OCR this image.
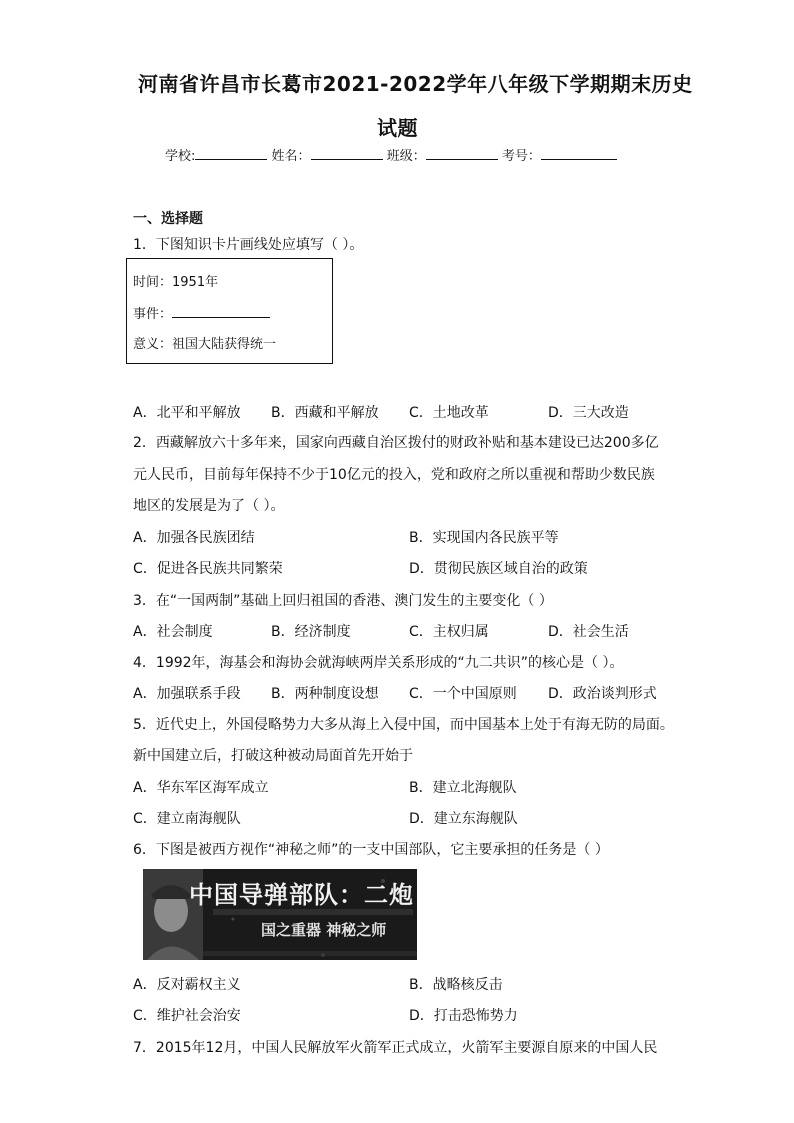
河南省许昌市长葛市2021-2022学年八年级下学期期末历史
试题
学校:	姓名：	班级：	考号：
一、选择题
1．下图知识卡片画线处应填写（ ）。
时间：1951年
事件：
意义：祖国大陆获得统一
A．北平和平解放 B．西藏和平解放 C．土地改革	D．三大改造
2．西藏解放六十多年来，国家向西藏自治区拨付的财政补贴和基本建设已达200多亿
元人民币，目前每年保持不少于10亿元的投入，党和政府之所以重视和帮助少数民族
地区的发展是为了（ ）。
A．加强各民族团结	B．实现国内各民族平等
C．促进各民族共同繁荣	D．贯彻民族区域自治的政策
3．在“一国两制”基础上回归祖国的香港、澳门发生的主要变化（ ）
A．社会制度	B．经济制度	C．主权归属	D．社会生活
4．1992年，海基会和海协会就海峡两岸关系形成的“九二共识”的核心是（ ）。
A．加强联系手段 B．两种制度设想 C．一个中国原则 D．政治谈判形式
5．近代史上，外国侵略势力大多从海上入侵中国，而中国基本上处于有海无防的局面。
新中国建立后，打破这种被动局面首先开始于
A．华东军区海军成立	B．建立北海舰队
C．建立南海舰队	D．建立东海舰队
6．下图是被西方视作“神秘之师”的一支中国部队，它主要承担的任务是（ ）
中国导弹部队：二炮
国之重器 神秘之师
A．反对霸权主义	B．战略核反击
C．维护社会治安	D．打击恐怖势力
7．2015年12月，中国人民解放军火箭军正式成立，火箭军主要源自原来的中国人民
